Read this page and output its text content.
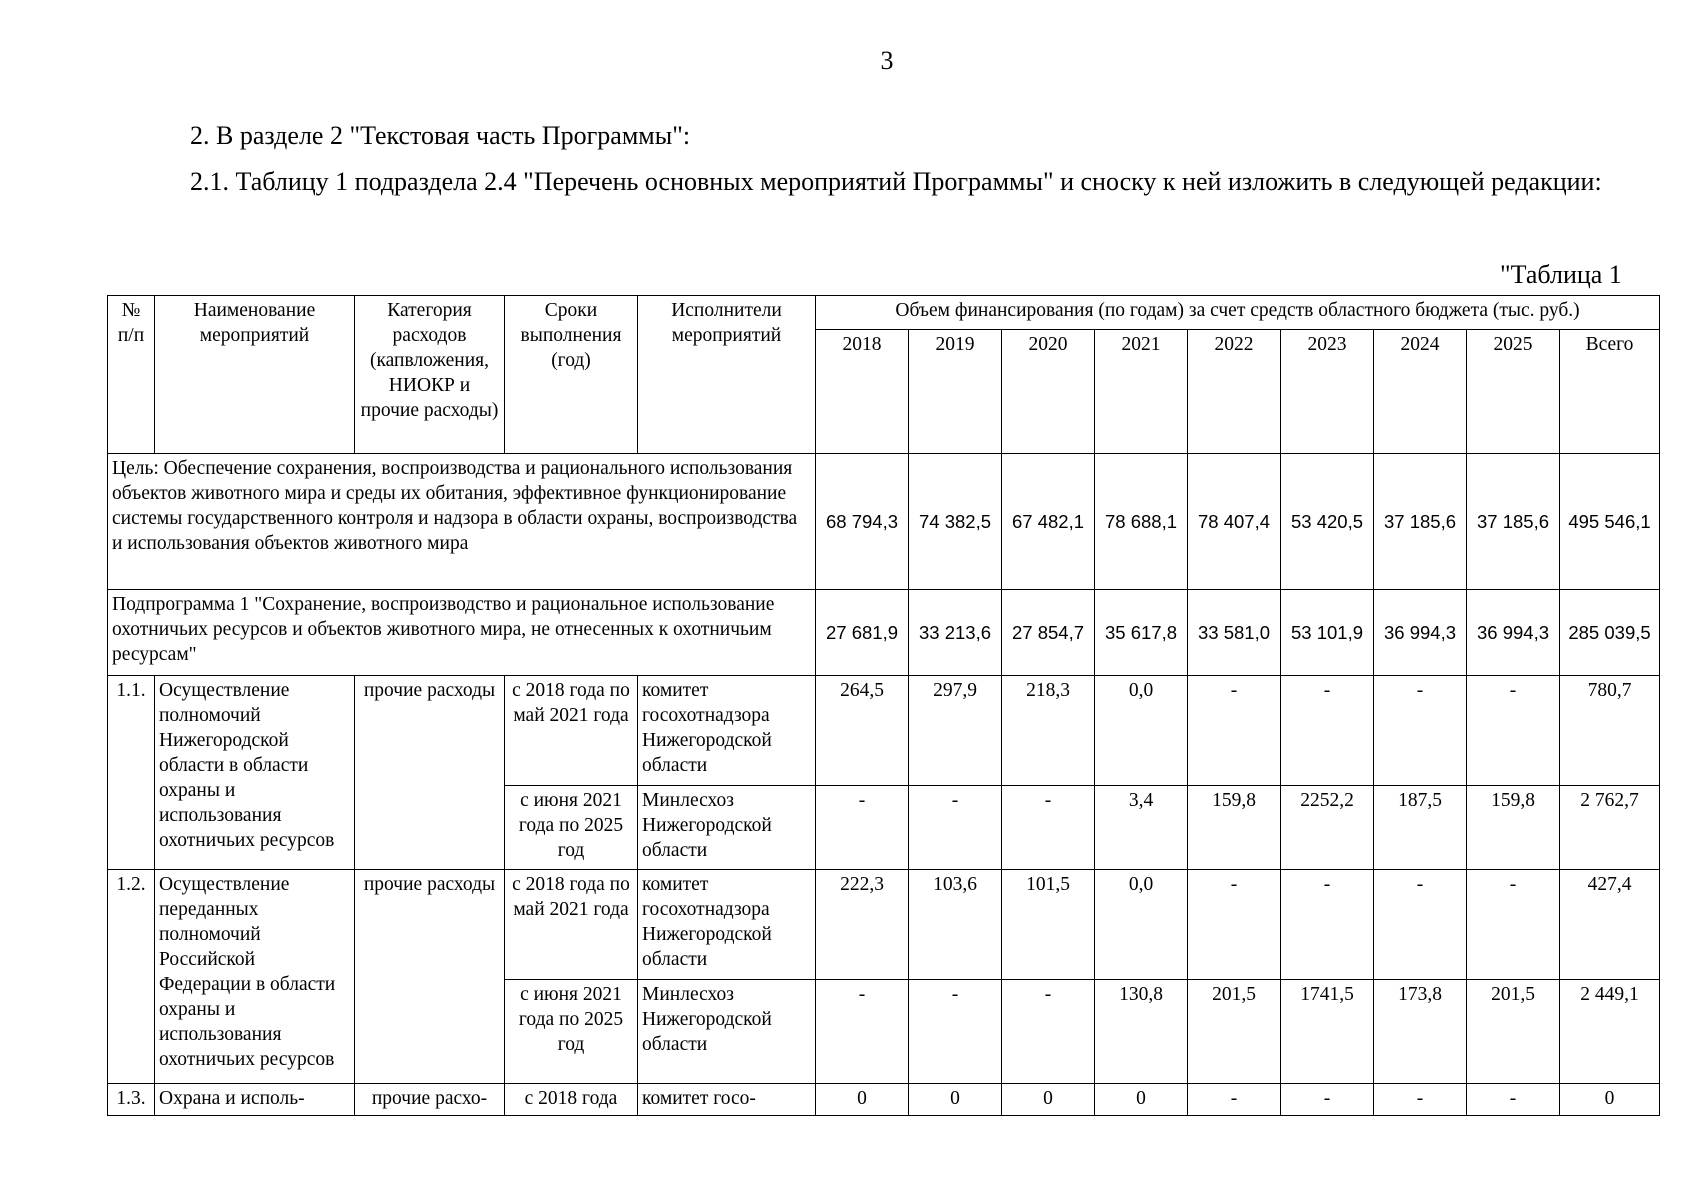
3

2. В разделе 2 "Текстовая часть Программы":

2.1. Таблицу 1 подраздела 2.4 "Перечень основных мероприятий Программы" и сноску к ней изложить в следующей редакции:

"Таблица 1
№ п/п	Наименование мероприятий	Категория расходов (капвложения, НИОКР и прочие расходы)	Сроки выполнения (год)	Исполнители мероприятий	Объем финансирования (по годам) за счет средств областного бюджета (тыс. руб.)								
					2018	2019	2020	2021	2022	2023	2024	2025	Всего
Цель: Обеспечение сохранения, воспроизводства и рационального использования объектов животного мира и среды их обитания, эффективное функционирование системы государственного контроля и надзора в области охраны, воспроизводства и использования объектов животного мира					68 794,3	74 382,5	67 482,1	78 688,1	78 407,4	53 420,5	37 185,6	37 185,6	495 546,1
Подпрограмма 1 "Сохранение, воспроизводство и рациональное использование охотничьих ресурсов и объектов животного мира, не отнесенных к охотничьим ресурсам"					27 681,9	33 213,6	27 854,7	35 617,8	33 581,0	53 101,9	36 994,3	36 994,3	285 039,5
1.1.	Осуществление полномочий Нижегородской области в области охраны и использования охотничьих ресурсов	прочие расходы	с 2018 года по май 2021 года	комитет госохотнадзора Нижегородской области	264,5	297,9	218,3	0,0	-	-	-	-	780,7
			с июня 2021 года по 2025 год	Минлесхоз Нижегородской области	-	-	-	3,4	159,8	2252,2	187,5	159,8	2 762,7
1.2.	Осуществление переданных полномочий Российской Федерации в области охраны и использования охотничьих ресурсов	прочие расходы	с 2018 года по май 2021 года	комитет госохотнадзора Нижегородской области	222,3	103,6	101,5	0,0	-	-	-	-	427,4
			с июня 2021 года по 2025 год	Минлесхоз Нижегородской области	-	-	-	130,8	201,5	1741,5	173,8	201,5	2 449,1
1.3.	Охрана и исполь-	прочие расхо-	с 2018 года	комитет госо-	0	0	0	0	-	-	-	-	0
